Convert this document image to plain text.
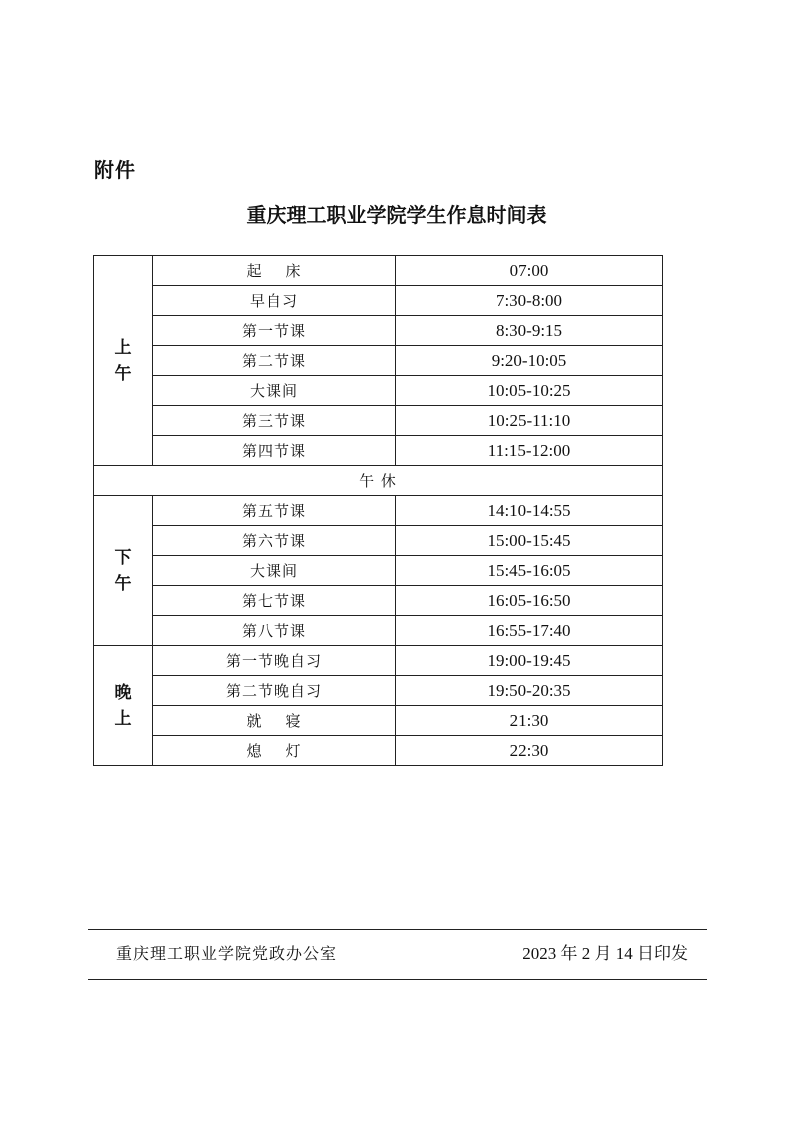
附件
重庆理工职业学院学生作息时间表
上午	起    床	07:00
	早自习	7:30-8:00
	第一节课	8:30-9:15
	第二节课	9:20-10:05
	大课间	10:05-10:25
	第三节课	10:25-11:10
	第四节课	11:15-12:00
午 休		
下午	第五节课	14:10-14:55
	第六节课	15:00-15:45
	大课间	15:45-16:05
	第七节课	16:05-16:50
	第八节课	16:55-17:40
晚上	第一节晚自习	19:00-19:45
	第二节晚自习	19:50-20:35
	就    寝	21:30
	熄    灯	22:30
重庆理工职业学院党政办公室	2023 年 2 月 14 日印发
